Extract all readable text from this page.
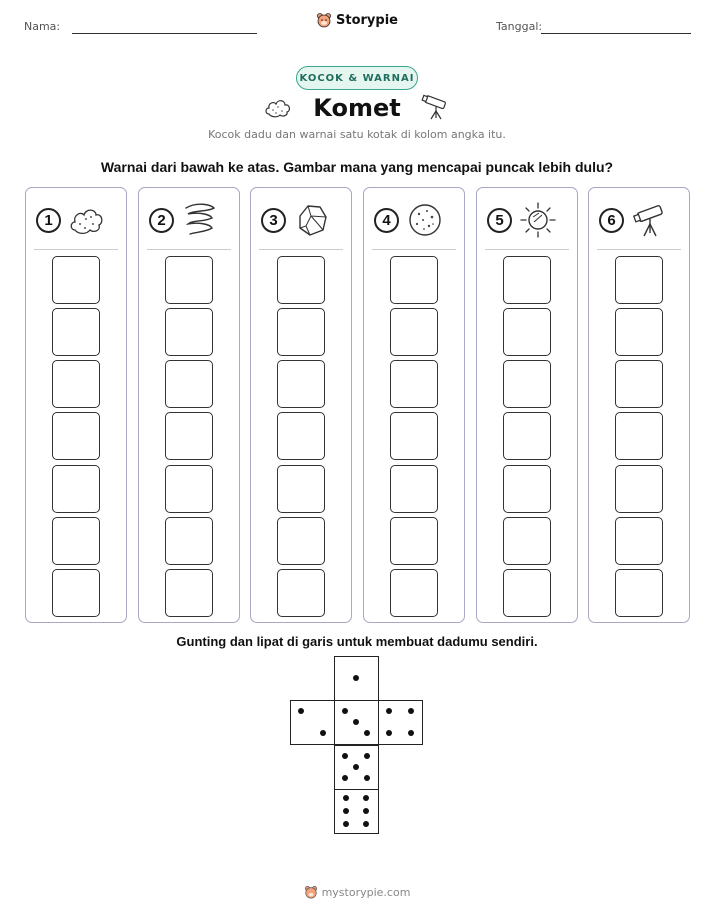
Nama:	Storypie	Tanggal:
KOCOK & WARNAI
Komet
Kocok dadu dan warnai satu kotak di kolom angka itu.
Warnai dari bawah ke atas. Gambar mana yang mencapai puncak lebih dulu?
1	2	3	4	5	6
Gunting dan lipat di garis untuk membuat dadumu sendiri.
mystorypie.com
